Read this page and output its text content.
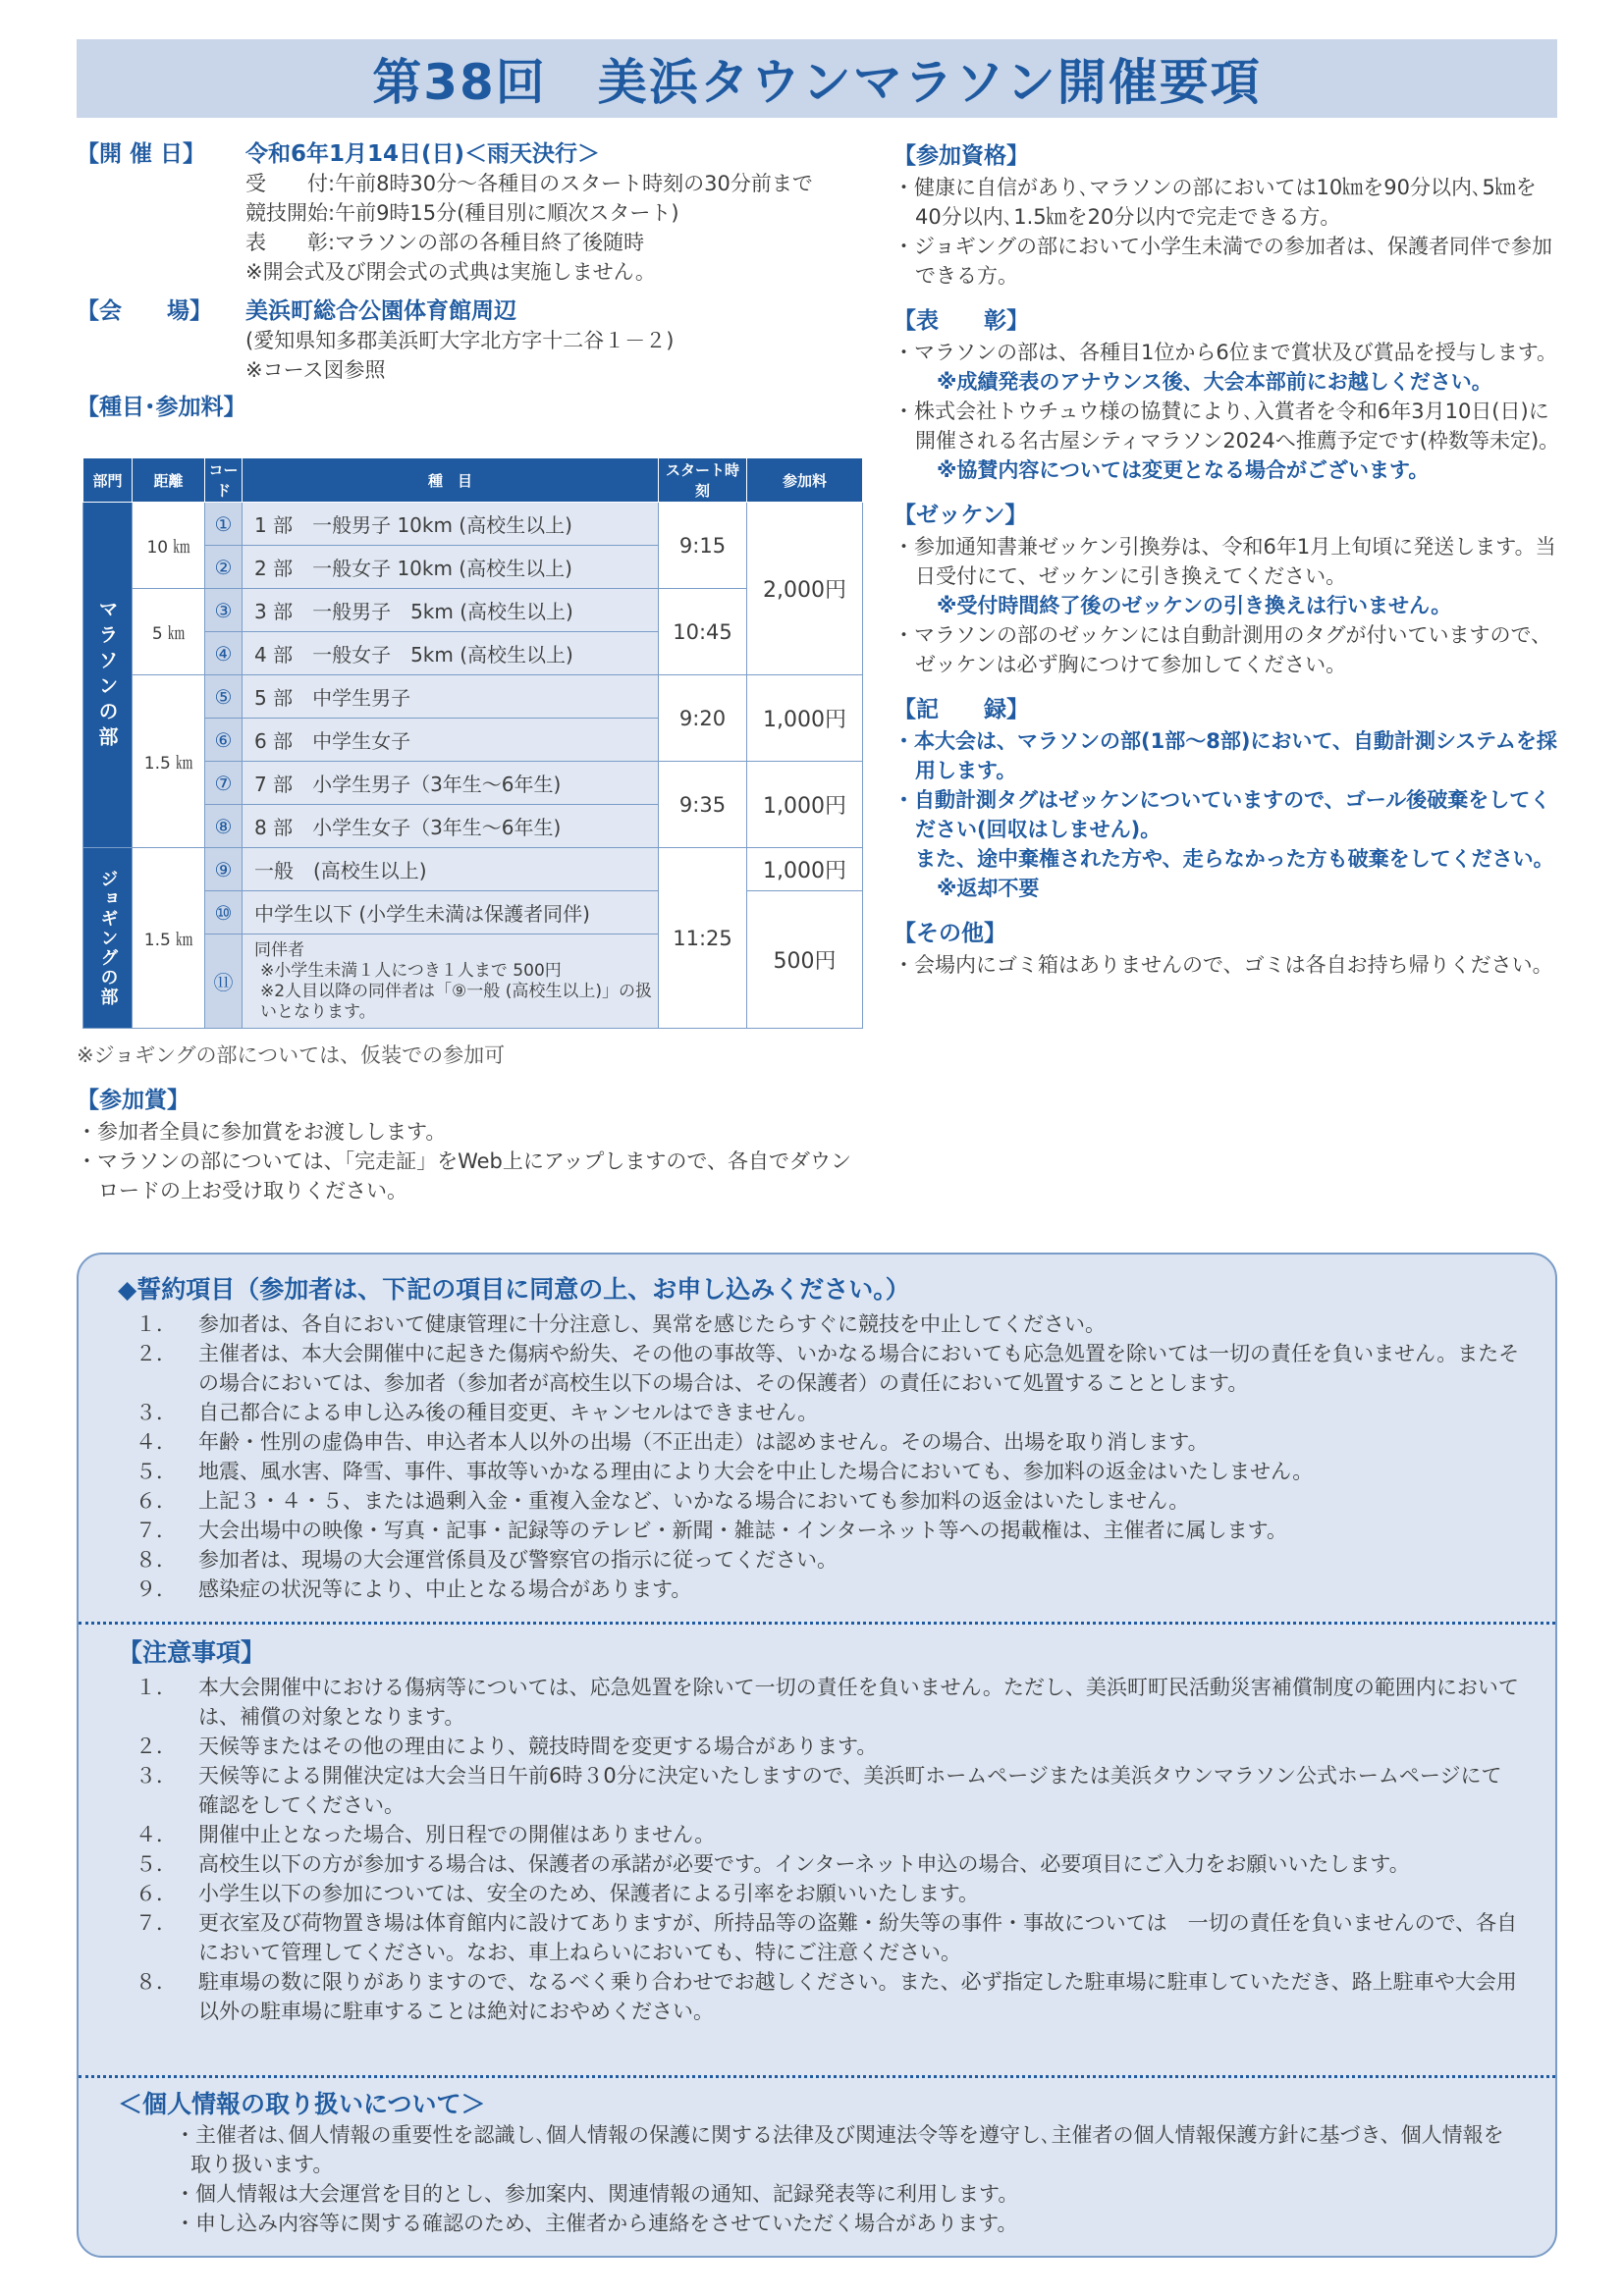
第38回　美浜タウンマラソン開催要項
【開 催 日】	令和6年1月14日(日)＜雨天決行＞
受　　付:午前8時30分～各種目のスタート時刻の30分前まで
競技開始:午前9時15分(種目別に順次スタート)
表　　彰:マラソンの部の各種目終了後随時
※開会式及び閉会式の式典は実施しません。
【会　　場】	美浜町総合公園体育館周辺
(愛知県知多郡美浜町大字北方字十二谷１－２)
※コース図参照
【種目･参加料】
部門	距離	コード	種　目	スタート時刻	参加料

マラソンの部	10 ㎞	①	1 部　一般男子 10km (高校生以上)	9:15	2,000円
		②	2 部　一般女子 10km (高校生以上)		
	5 ㎞	③	3 部　一般男子　5km (高校生以上)	10:45	
		④	4 部　一般女子　5km (高校生以上)		
	1.5 ㎞	⑤	5 部　中学生男子	9:20	1,000円
		⑥	6 部　中学生女子		
		⑦	7 部　小学生男子（3年生～6年生)	9:35	1,000円
		⑧	8 部　小学生女子（3年生～6年生)		

ジョギングの部	1.5 ㎞	⑨	一般　(高校生以上)	11:25	1,000円
		⑩	中学生以下 (小学生未満は保護者同伴)		500円
		⑪	同伴者
※小学生未満１人につき１人まで 500円
※2人目以降の同伴者は「⑨一般 (高校生以上)」の扱いとなります。		
※ジョギングの部については、仮装での参加可
【参加賞】
・参加者全員に参加賞をお渡しします。
・マラソンの部については、「完走証」をWeb上にアップしますので、各自でダウンロードの上お受け取りください。
【参加資格】
・健康に自信があり､マラソンの部においては10㎞を90分以内､5㎞を40分以内､1.5㎞を20分以内で完走できる方。
・ジョギングの部において小学生未満での参加者は、保護者同伴で参加できる方。
【表　　彰】
・マラソンの部は、各種目1位から6位まで賞状及び賞品を授与します。
※成績発表のアナウンス後、大会本部前にお越しください。
・株式会社トウチュウ様の協賛により､入賞者を令和6年3月10日(日)に開催される名古屋シティマラソン2024へ推薦予定です(枠数等未定)。
※協賛内容については変更となる場合がございます。
【ゼッケン】
・参加通知書兼ゼッケン引換券は、令和6年1月上旬頃に発送します。当日受付にて、ゼッケンに引き換えてください。
※受付時間終了後のゼッケンの引き換えは行いません。
・マラソンの部のゼッケンには自動計測用のタグが付いていますので、ゼッケンは必ず胸につけて参加してください。
【記　　録】
・本大会は、マラソンの部(1部～8部)において、自動計測システムを採用します。
・自動計測タグはゼッケンについていますので、ゴール後破棄をしてください(回収はしません)。
また、途中棄権された方や、走らなかった方も破棄をしてください。
※返却不要
【その他】
・会場内にゴミ箱はありませんので、ゴミは各自お持ち帰りください。
◆誓約項目（参加者は、下記の項目に同意の上、お申し込みください。）
１．	参加者は、各自において健康管理に十分注意し、異常を感じたらすぐに競技を中止してください。
２．	主催者は、本大会開催中に起きた傷病や紛失、その他の事故等、いかなる場合においても応急処置を除いては一切の責任を負いません。またその場合においては、参加者（参加者が高校生以下の場合は、その保護者）の責任において処置することとします。
３．	自己都合による申し込み後の種目変更、キャンセルはできません。
４．	年齢・性別の虚偽申告、申込者本人以外の出場（不正出走）は認めません。その場合、出場を取り消します。
５．	地震、風水害、降雪、事件、事故等いかなる理由により大会を中止した場合においても、参加料の返金はいたしません。
６．	上記３・４・５、または過剰入金・重複入金など、いかなる場合においても参加料の返金はいたしません。
７．	大会出場中の映像・写真・記事・記録等のテレビ・新聞・雑誌・インターネット等への掲載権は、主催者に属します。
８．	参加者は、現場の大会運営係員及び警察官の指示に従ってください。
９．	感染症の状況等により、中止となる場合があります。
【注意事項】
１．	本大会開催中における傷病等については、応急処置を除いて一切の責任を負いません。ただし、美浜町町民活動災害補償制度の範囲内においては、補償の対象となります。
２．	天候等またはその他の理由により、競技時間を変更する場合があります。
３．	天候等による開催決定は大会当日午前6時３0分に決定いたしますので、美浜町ホームページまたは美浜タウンマラソン公式ホームページにて確認をしてください。
４．	開催中止となった場合、別日程での開催はありません。
５．	高校生以下の方が参加する場合は、保護者の承諾が必要です。インターネット申込の場合、必要項目にご入力をお願いいたします。
６．	小学生以下の参加については、安全のため、保護者による引率をお願いいたします。
７．	更衣室及び荷物置き場は体育館内に設けてありますが、所持品等の盗難・紛失等の事件・事故については　一切の責任を負いませんので、各自において管理してください。なお、車上ねらいにおいても、特にご注意ください。
８．	駐車場の数に限りがありますので、なるべく乗り合わせでお越しください。また、必ず指定した駐車場に駐車していただき、路上駐車や大会用以外の駐車場に駐車することは絶対におやめください。
＜個人情報の取り扱いについて＞
・主催者は､個人情報の重要性を認識し､個人情報の保護に関する法律及び関連法令等を遵守し､主催者の個人情報保護方針に基づき、個人情報を取り扱います。
・個人情報は大会運営を目的とし、参加案内、関連情報の通知、記録発表等に利用します。
・申し込み内容等に関する確認のため、主催者から連絡をさせていただく場合があります。
